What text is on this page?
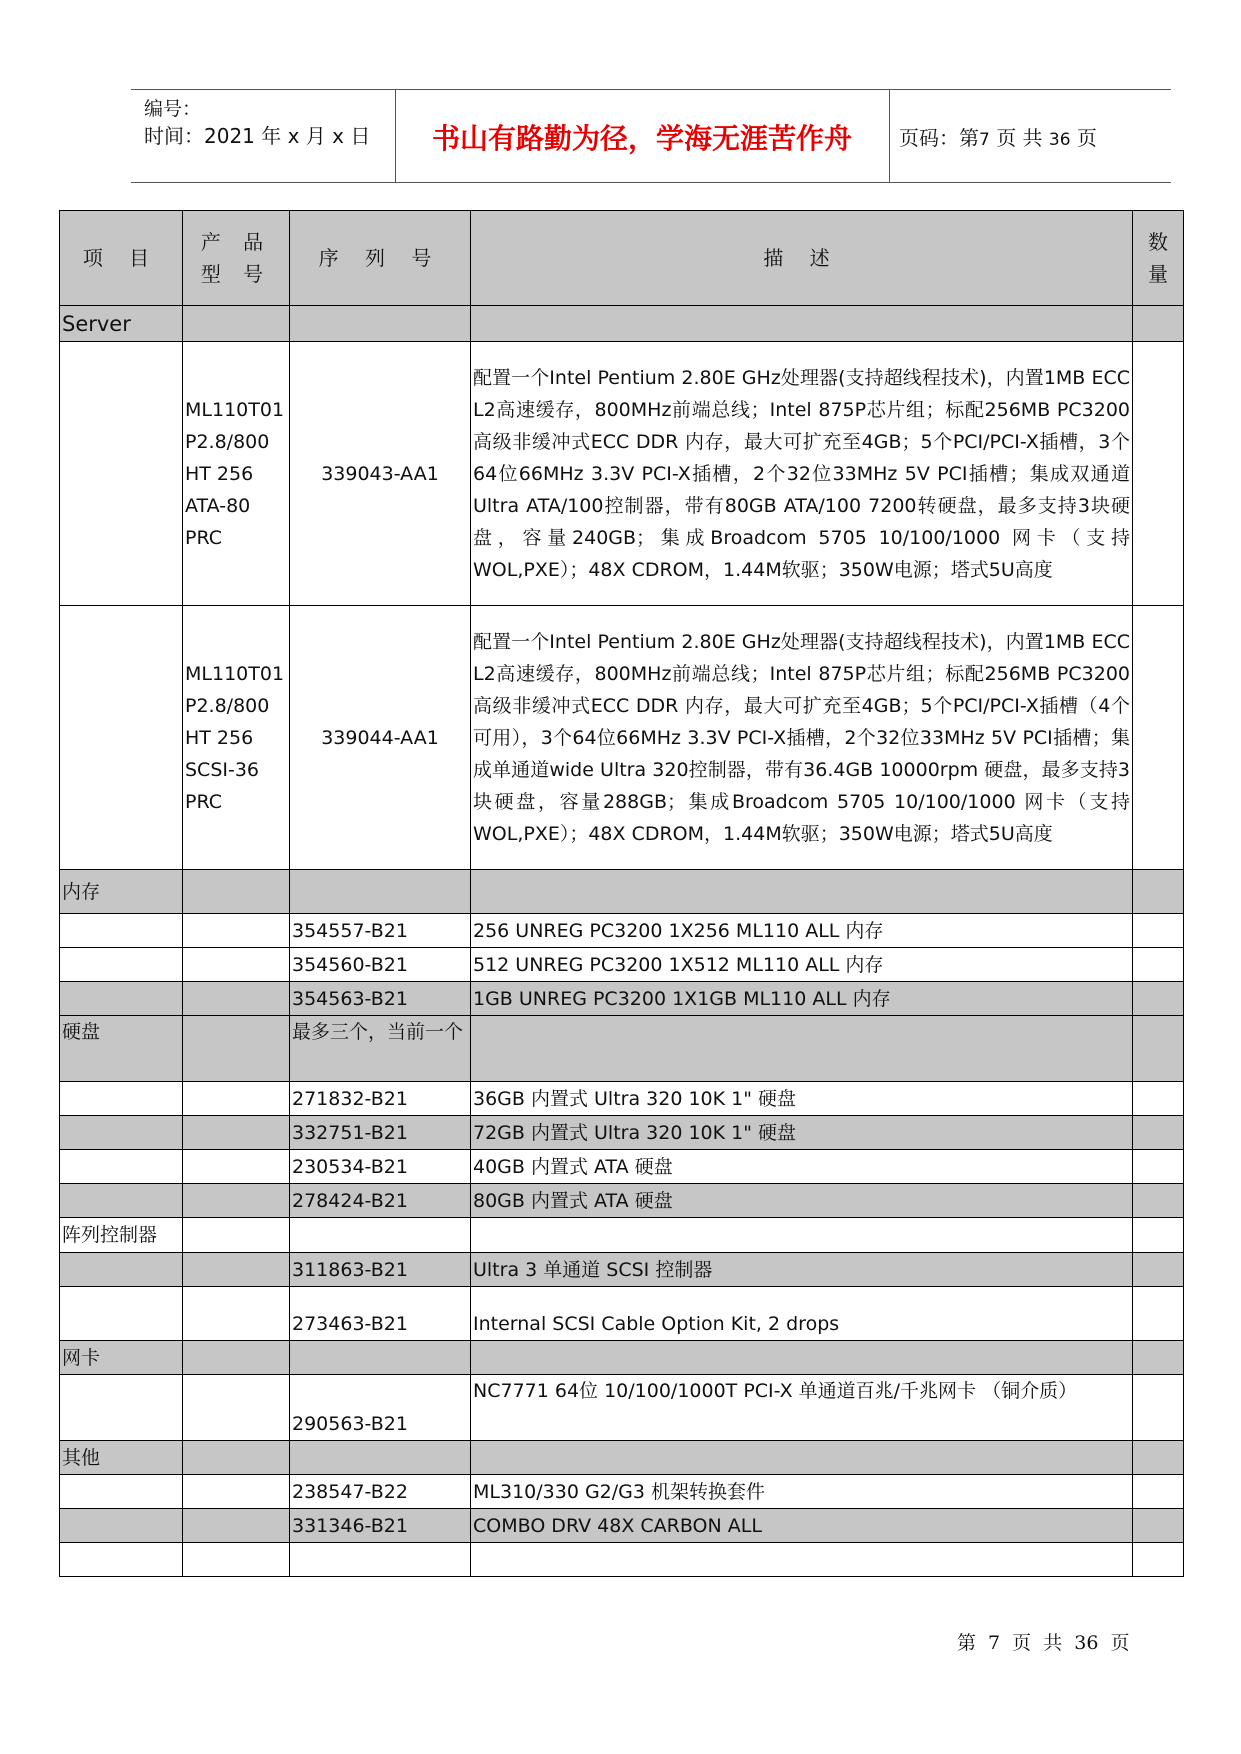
编号：
时间：2021 年 x 月 x 日	书山有路勤为径，学海无涯苦作舟	页码：第7 页 共 36 页
项 目	产 品 型 号	序 列 号	描 述	数 量
Server				
	ML110T01 P2.8/800 HT 256 ATA-80 PRC	339043-AA1	配置一个Intel Pentium 2.80E GHz处理器(支持超线程技术)，内置1MB ECC L2高速缓存，800MHz前端总线；Intel 875P芯片组；标配256MB PC3200 高级非缓冲式ECC DDR 内存，最大可扩充至4GB；5个PCI/PCI-X插槽，3个64位66MHz 3.3V PCI-X插槽，2个32位33MHz 5V PCI插槽；集成双通道Ultra ATA/100控制器，带有80GB ATA/100 7200转硬盘，最多支持3块硬盘，容量240GB；集成Broadcom 5705 10/100/1000 网卡（支持WOL,PXE）；48X CDROM，1.44M软驱；350W电源；塔式5U高度	
	ML110T01 P2.8/800 HT 256 SCSI-36 PRC	339044-AA1	配置一个Intel Pentium 2.80E GHz处理器(支持超线程技术)，内置1MB ECC L2高速缓存，800MHz前端总线；Intel 875P芯片组；标配256MB PC3200 高级非缓冲式ECC DDR 内存，最大可扩充至4GB；5个PCI/PCI-X插槽（4个可用），3个64位66MHz 3.3V PCI-X插槽，2个32位33MHz 5V PCI插槽；集成单通道wide Ultra 320控制器，带有36.4GB 10000rpm 硬盘，最多支持3块硬盘，容量288GB；集成Broadcom 5705 10/100/1000 网卡（支持WOL,PXE）；48X CDROM，1.44M软驱；350W电源；塔式5U高度	
内存				
		354557-B21	256 UNREG PC3200 1X256 ML110 ALL 内存	
		354560-B21	512 UNREG PC3200 1X512 ML110 ALL 内存	
		354563-B21	1GB UNREG PC3200 1X1GB ML110 ALL 内存	
硬盘		最多三个，当前一个		
		271832-B21	36GB 内置式 Ultra 320 10K 1" 硬盘	
		332751-B21	72GB 内置式 Ultra 320 10K 1" 硬盘	
		230534-B21	40GB 内置式 ATA 硬盘	
		278424-B21	80GB 内置式 ATA 硬盘	
阵列控制器				
		311863-B21	Ultra 3 单通道 SCSI 控制器	
		273463-B21	Internal SCSI Cable Option Kit, 2 drops	
网卡				
		290563-B21	NC7771 64位 10/100/1000T PCI-X 单通道百兆/千兆网卡 （铜介质）	
其他				
		238547-B22	ML310/330 G2/G3 机架转换套件	
		331346-B21	COMBO DRV 48X CARBON ALL	

第 7 页 共 36 页
